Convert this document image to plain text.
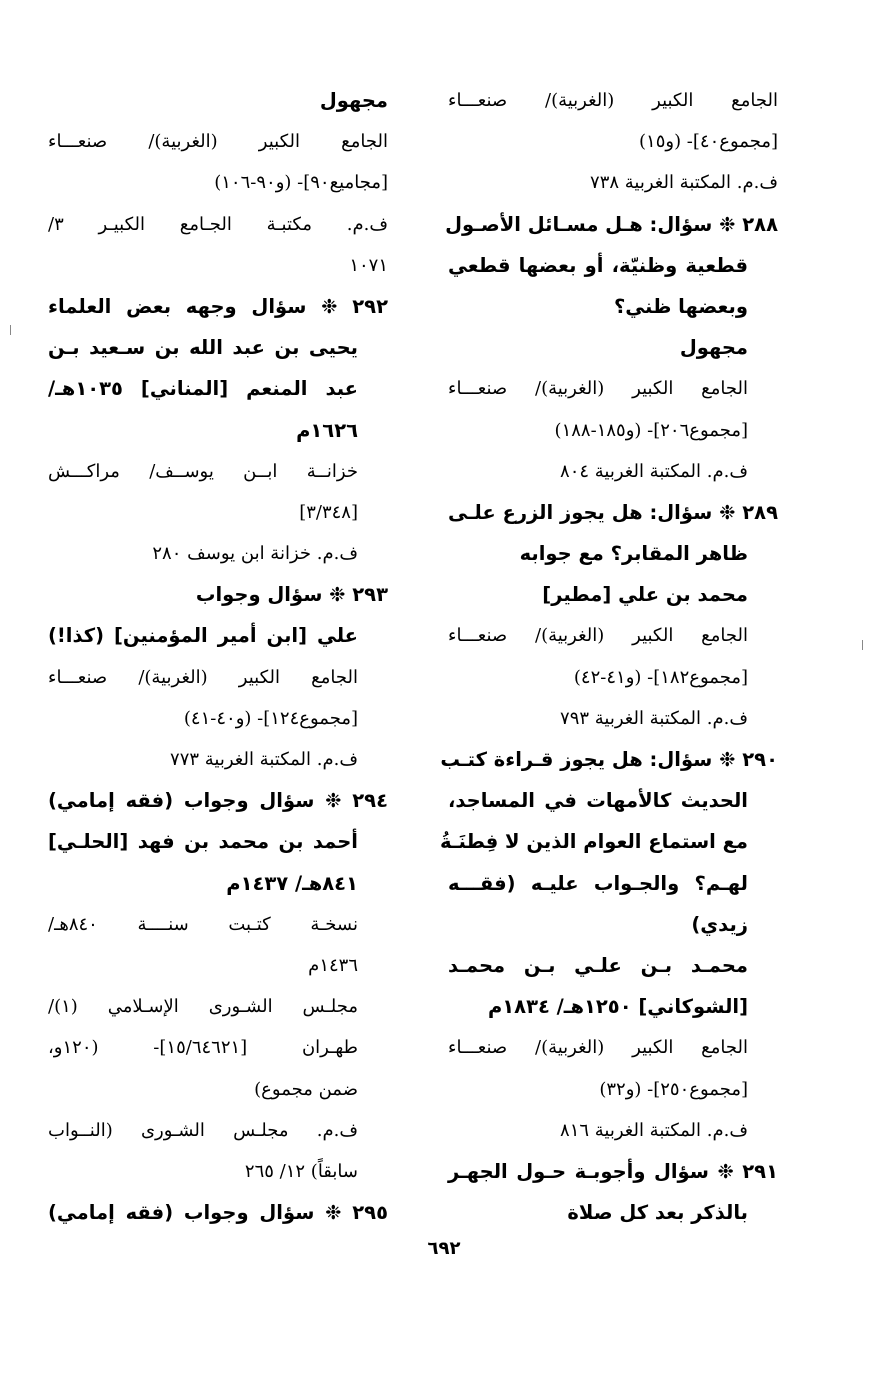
الجامع الكبير (الغربية)/ صنعـــاء
[مجموع٤٠]- (و١٥)
ف.م. المكتبة الغربية ٧٣٨
٢٨٨ ❉ سؤال: هـل مسـائل الأصـول
قطعية وظنيّة، أو بعضها قطعي
وبعضها ظني؟
مجهول
الجامع الكبير (الغربية)/ صنعـــاء
[مجموع٢٠٦]- (و١٨٥-١٨٨)
ف.م. المكتبة الغربية ٨٠٤
٢٨٩ ❉ سؤال: هل يجوز الزرع علـى
ظاهر المقابر؟ مع جوابه
محمد بن علي [مطير]
الجامع الكبير (الغربية)/ صنعـــاء
[مجموع١٨٢]- (و٤١-٤٢)
ف.م. المكتبة الغربية ٧٩٣
٢٩٠ ❉ سؤال: هل يجوز قـراءة كتـب
الحديث كالأمهات في المساجد،
مع استماع العوام الذين لا فِطنَـةُ
لهـم؟ والجـواب عليـه (فقـــه
زيدي)
محمـد بـن علـي بـن محمـد
[الشوكاني] ١٢٥٠هـ/ ١٨٣٤م
الجامع الكبير (الغربية)/ صنعـــاء
[مجموع٢٥٠]- (و٣٢)
ف.م. المكتبة الغربية ٨١٦
٢٩١ ❉ سؤال وأجوبـة حـول الجهـر
بالذكر بعد كل صلاة
مجهول
الجامع الكبير (الغربية)/ صنعـــاء
[مجاميع٩٠]- (و٩٠-١٠٦)
ف.م. مكتبـة الجـامع الكبيـر ٣/
١٠٧١
٢٩٢ ❉ سؤال وجهه بعض العلماء
يحيى بن عبد الله بن سـعيد بـن
عبد المنعم [المناني] ١٠٣٥هـ/
١٦٢٦م
خزانــة ابــن يوســف/ مراكـــش
[٣/٣٤٨]
ف.م. خزانة ابن يوسف ٢٨٠
٢٩٣ ❉ سؤال وجواب
علي [ابن أمير المؤمنين] (كذا!)
الجامع الكبير (الغربية)/ صنعـــاء
[مجموع١٢٤]- (و٤٠-٤١)
ف.م. المكتبة الغربية ٧٧٣
٢٩٤ ❉ سؤال وجواب (فقه إمامي)
أحمد بن محمد بن فهد [الحلـي]
٨٤١هـ/ ١٤٣٧م
نسخـة كتـبت سنــــة ٨٤٠هـ/
١٤٣٦م
مجلـس الشـورى الإسـلامي (١)/
طهـران [١٥/٦٤٦٢١]- (١٢٠و،
ضمن مجموع)
ف.م. مجلـس الشـورى (النــواب
سابقاً) ١٢/ ٢٦٥
٢٩٥ ❉ سؤال وجواب (فقه إمامي)
٦٩٢
